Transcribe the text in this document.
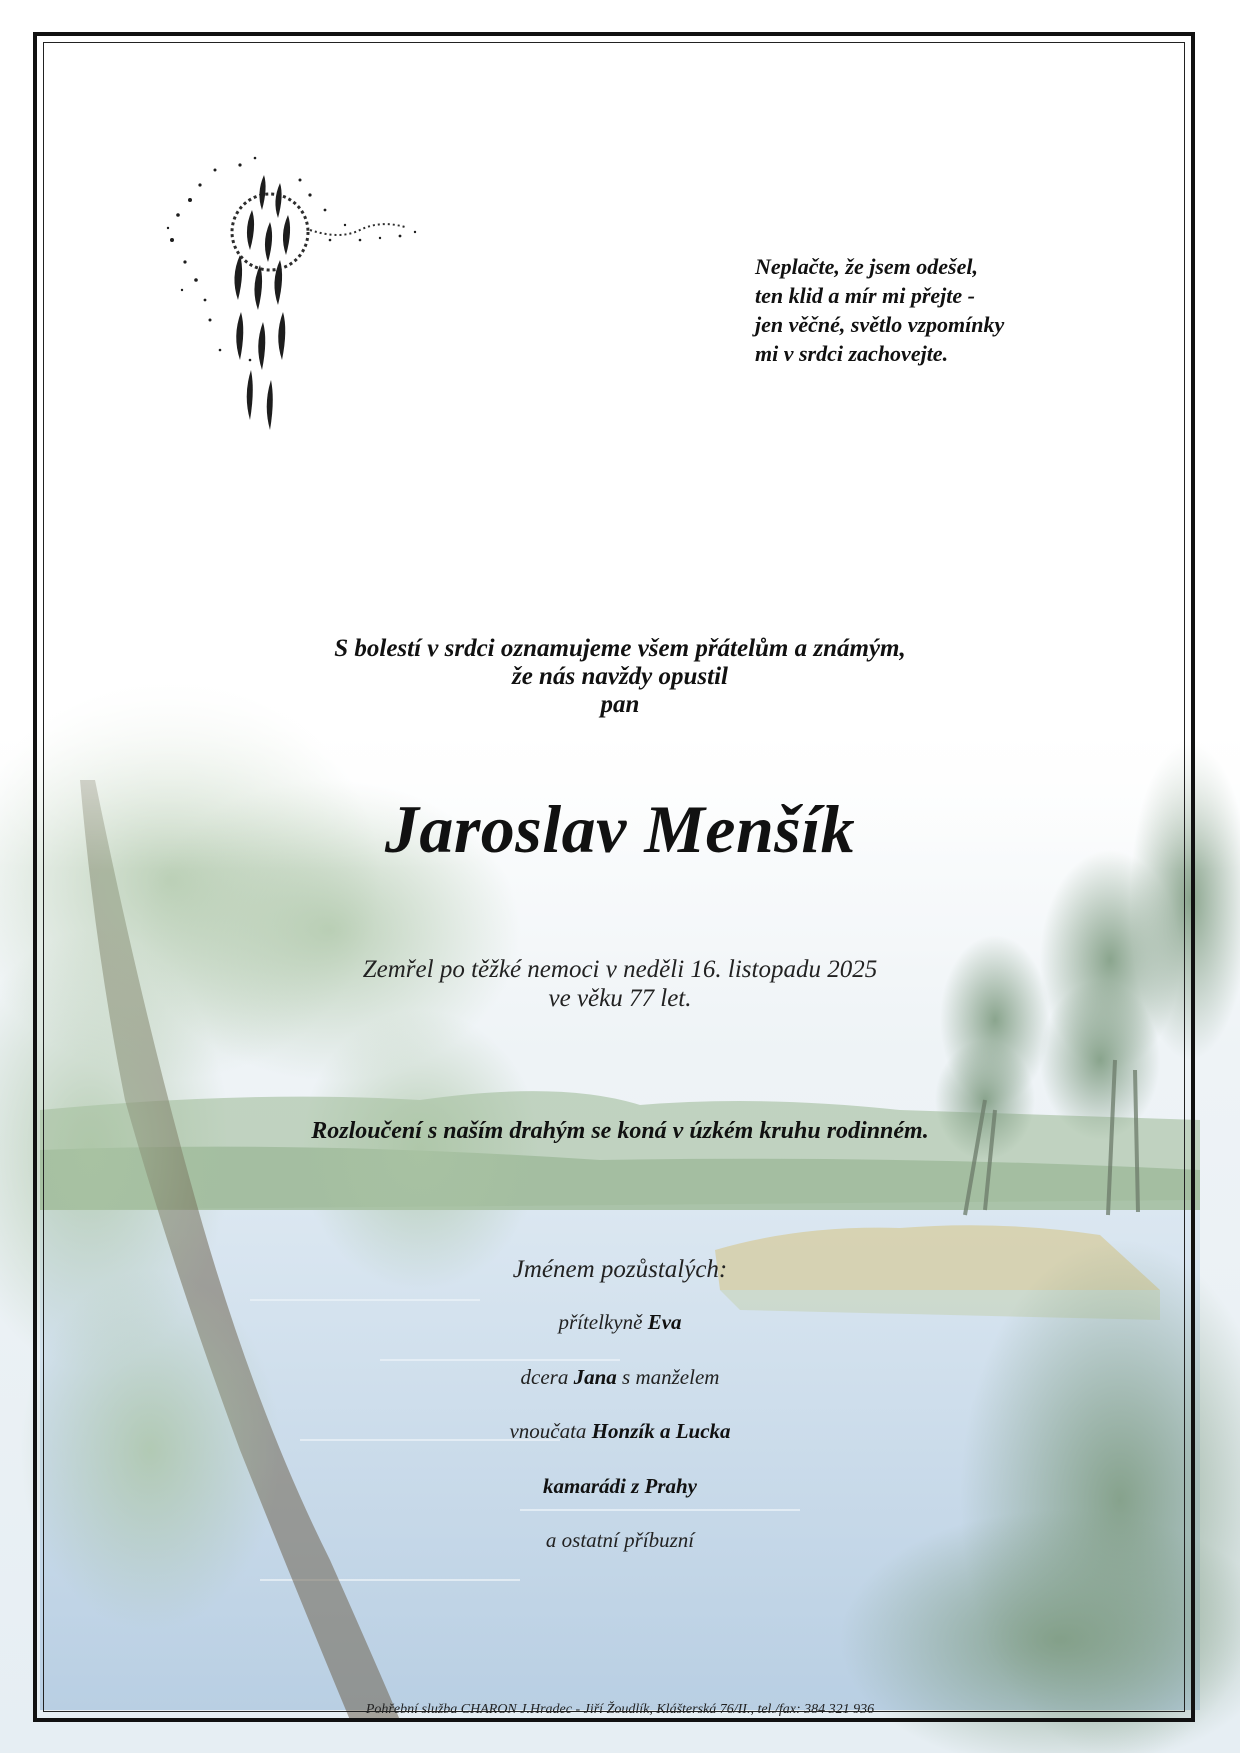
Neplačte, že jsem odešel,
ten klid a mír mi přejte -
jen věčné, světlo vzpomínky
mi v srdci zachovejte.
S bolestí v srdci oznamujeme všem přátelům a známým,
že nás navždy opustil
pan
Jaroslav Menšík
Zemřel po těžké nemoci v neděli 16. listopadu 2025
ve věku 77 let.
Rozloučení s naším drahým se koná v úzkém kruhu rodinném.
Jménem pozůstalých:
přítelkyně Eva
dcera Jana s manželem
vnoučata Honzík a Lucka
kamarádi z Prahy
a ostatní příbuzní
Pohřební služba CHARON J.Hradec - Jiří Žoudlík, Klášterská 76/II., tel./fax: 384 321 936
